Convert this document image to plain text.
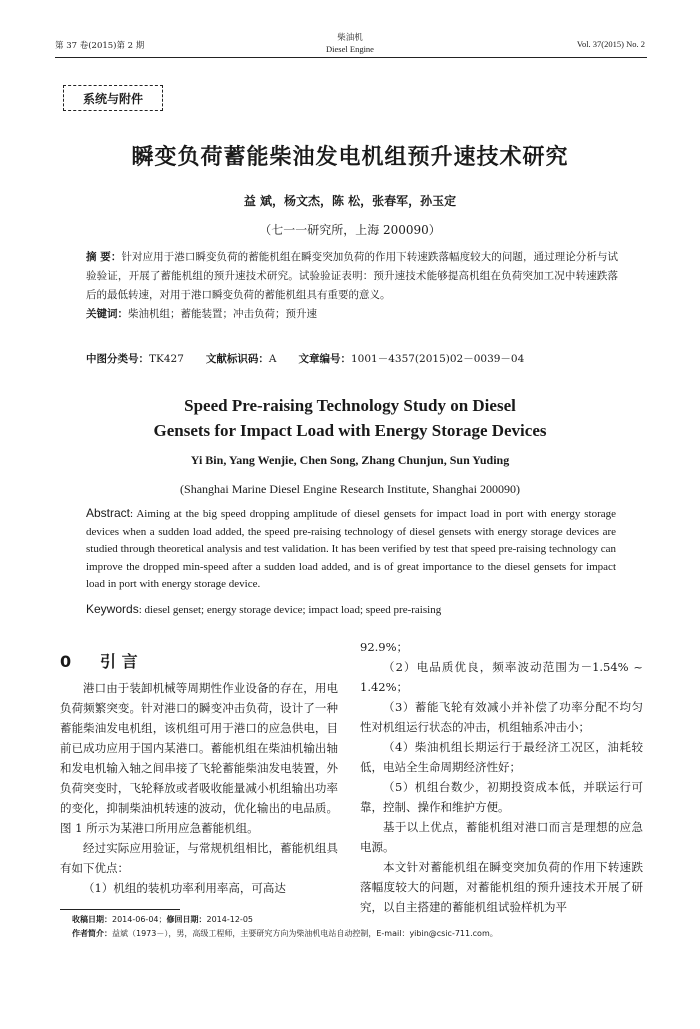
第 37 卷(2015)第 2 期
柴油机
Diesel Engine	Vol. 37(2015) No. 2
系统与附件
瞬变负荷蓄能柴油发电机组预升速技术研究
益 斌，杨文杰，陈 松，张春军，孙玉定
（七一一研究所，上海 200090）
摘 要：针对应用于港口瞬变负荷的蓄能机组在瞬变突加负荷的作用下转速跌落幅度较大的问题，通过理论分析与试验验证，开展了蓄能机组的预升速技术研究。试验验证表明：预升速技术能够提高机组在负荷突加工况中转速跌落后的最低转速，对用于港口瞬变负荷的蓄能机组具有重要的意义。
关键词：柴油机组；蓄能装置；冲击负荷；预升速
中图分类号：TK427 文献标识码：A 文章编号：1001－4357(2015)02－0039－04
Speed Pre-raising Technology Study on Diesel
Gensets for Impact Load with Energy Storage Devices
Yi Bin, Yang Wenjie, Chen Song, Zhang Chunjun, Sun Yuding
(Shanghai Marine Diesel Engine Research Institute, Shanghai 200090)
Abstract: Aiming at the big speed dropping amplitude of diesel gensets for impact load in port with energy storage devices when a sudden load added, the speed pre-raising technology of diesel gensets with energy storage devices are studied through theoretical analysis and test validation. It has been verified by test that speed pre-raising technology can improve the dropped min-speed after a sudden load added, and is of great importance to the diesel gensets for impact load in port with energy storage device.
Keywords: diesel genset; energy storage device; impact load; speed pre-raising
0 引 言

港口由于装卸机械等周期性作业设备的存在，用电负荷频繁突变。针对港口的瞬变冲击负荷，设计了一种蓄能柴油发电机组，该机组可用于港口的应急供电，目前已成功应用于国内某港口。蓄能机组在柴油机输出轴和发电机输入轴之间串接了飞轮蓄能柴油发电装置，外负荷突变时，飞轮释放或者吸收能量减小机组输出功率的变化，抑制柴油机转速的波动，优化输出的电品质。图 1 所示为某港口所用应急蓄能机组。

经过实际应用验证，与常规机组相比，蓄能机组具有如下优点：

（1）机组的装机功率利用率高，可高达

92.9%；

（2）电品质优良，频率波动范围为－1.54% ~ 1.42%；

（3）蓄能飞轮有效减小并补偿了功率分配不均匀性对机组运行状态的冲击，机组轴系冲击小；

（4）柴油机组长期运行于最经济工况区，油耗较低，电站全生命周期经济性好；

（5）机组台数少，初期投资成本低，并联运行可靠，控制、操作和维护方便。

基于以上优点，蓄能机组对港口而言是理想的应急电源。

本文针对蓄能机组在瞬变突加负荷的作用下转速跌落幅度较大的问题，对蓄能机组的预升速技术开展了研究，以自主搭建的蓄能机组试验样机为平

收稿日期：2014-06-04；修回日期：2014-12-05
作者简介：益斌（1973－），男，高级工程师，主要研究方向为柴油机电站自动控制，E-mail：yibin@csic-711.com。
